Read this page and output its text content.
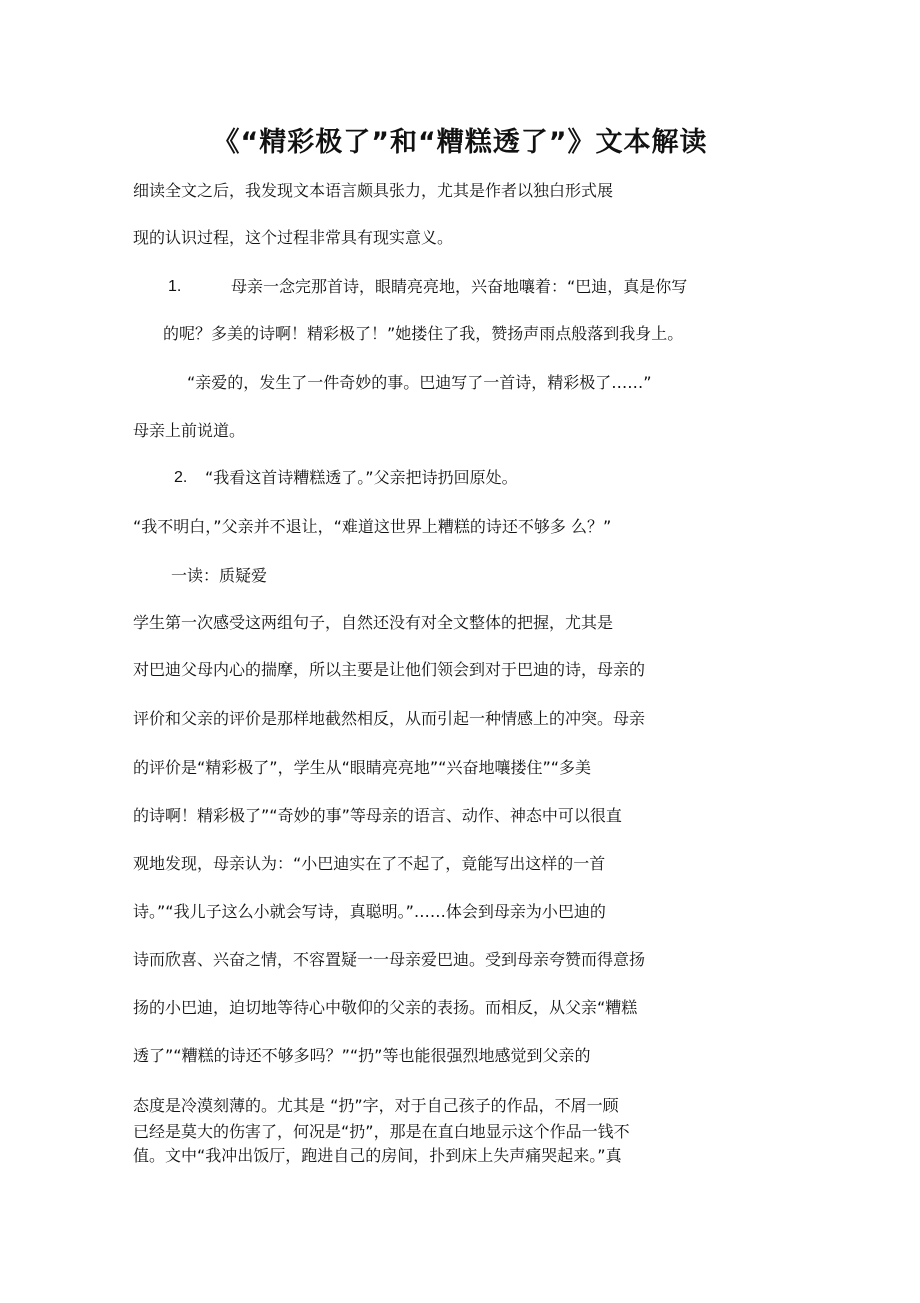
《“精彩极了”和“糟糕透了”》文本解读
细读全文之后，我发现文本语言颇具张力，尤其是作者以独白形式展
现的认识过程，这个过程非常具有现实意义。
1.	母亲一念完那首诗，眼睛亮亮地，兴奋地嚷着：“巴迪，真是你写
的呢？多美的诗啊！精彩极了！”她搂住了我，赞扬声雨点般落到我身上。
“亲爱的，发生了一件奇妙的事。巴迪写了一首诗，精彩极了……”
母亲上前说道。
2. “我看这首诗糟糕透了。”父亲把诗扔回原处。
“我不明白，”父亲并不退让，“难道这世界上糟糕的诗还不够多 么？”
一读：质疑爱
学生第一次感受这两组句子，自然还没有对全文整体的把握，尤其是
对巴迪父母内心的揣摩，所以主要是让他们领会到对于巴迪的诗，母亲的
评价和父亲的评价是那样地截然相反，从而引起一种情感上的冲突。母亲
的评价是“精彩极了”，学生从“眼睛亮亮地”“兴奋地嚷搂住”“多美
的诗啊！精彩极了”“奇妙的事”等母亲的语言、动作、神态中可以很直
观地发现，母亲认为：“小巴迪实在了不起了，竟能写出这样的一首
诗。”“我儿子这么小就会写诗，真聪明。”……体会到母亲为小巴迪的
诗而欣喜、兴奋之情，不容置疑一一母亲爱巴迪。受到母亲夸赞而得意扬
扬的小巴迪，迫切地等待心中敬仰的父亲的表扬。而相反，从父亲“糟糕
透了”“糟糕的诗还不够多吗？”“扔”等也能很强烈地感觉到父亲的
态度是冷漠刻薄的。尤其是 “扔”字，对于自己孩子的作品，不屑一顾
已经是莫大的伤害了，何况是“扔”，那是在直白地显示这个作品一钱不
值。文中“我冲出饭厅，跑进自己的房间，扑到床上失声痛哭起来。”真
